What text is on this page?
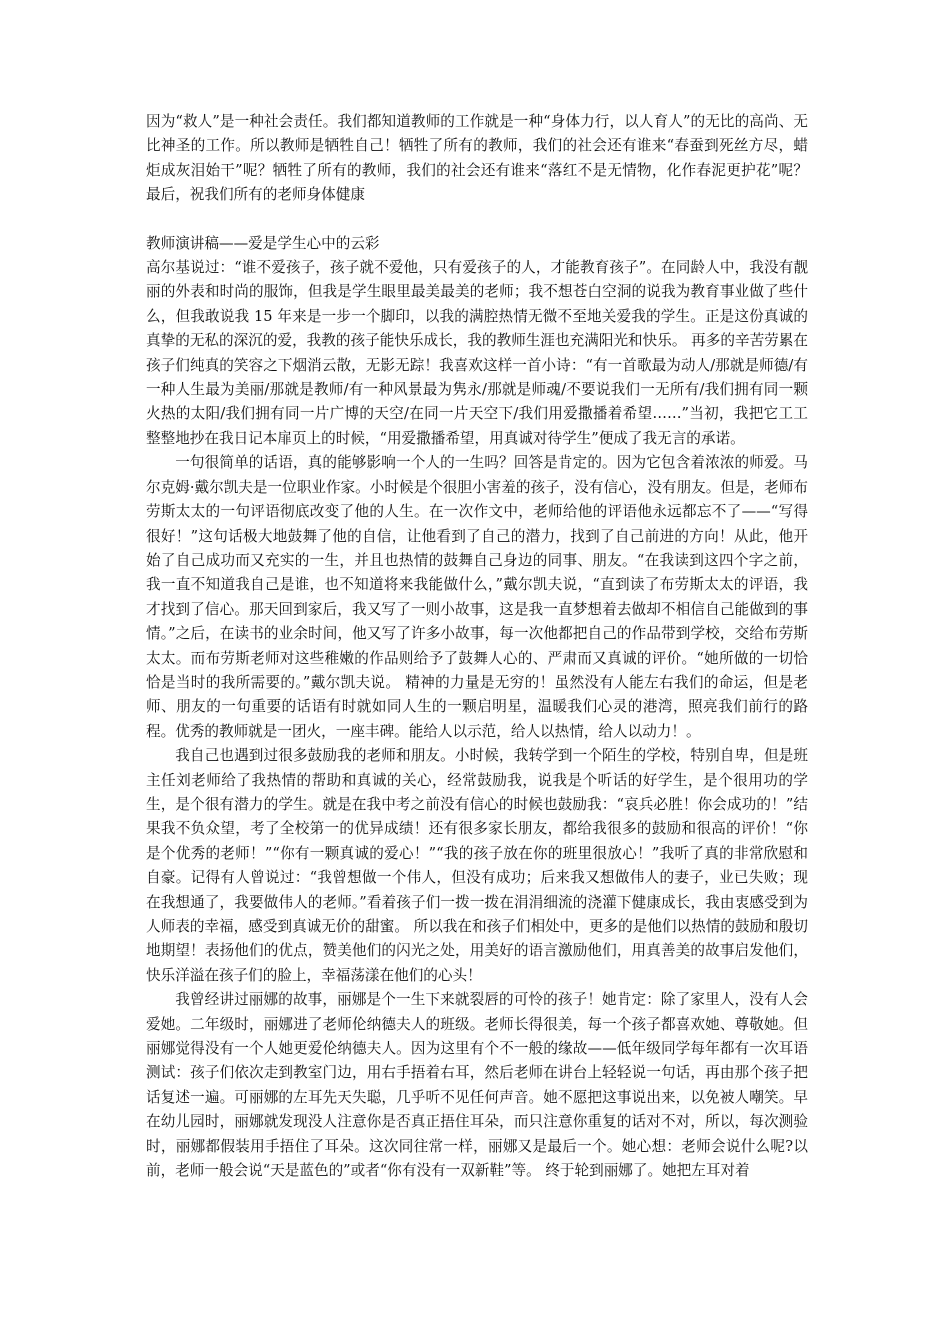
因为“救人”是一种社会责任。我们都知道教师的工作就是一种“身体力行，以人育人”的无比的高尚、无比神圣的工作。所以教师是牺牲自己！牺牲了所有的教师，我们的社会还有谁来“春蚕到死丝方尽，蜡炬成灰泪始干”呢？牺牲了所有的教师，我们的社会还有谁来“落红不是无情物，化作春泥更护花”呢？最后，祝我们所有的老师身体健康

教师演讲稿——爱是学生心中的云彩

高尔基说过：“谁不爱孩子，孩子就不爱他，只有爱孩子的人，才能教育孩子”。在同龄人中，我没有靓丽的外表和时尚的服饰，但我是学生眼里最美最美的老师；我不想苍白空洞的说我为教育事业做了些什么，但我敢说我 15 年来是一步一个脚印，以我的满腔热情无微不至地关爱我的学生。正是这份真诚的真挚的无私的深沉的爱，我教的孩子能快乐成长，我的教师生涯也充满阳光和快乐。 再多的辛苦劳累在孩子们纯真的笑容之下烟消云散，无影无踪！我喜欢这样一首小诗：“有一首歌最为动人/那就是师德/有一种人生最为美丽/那就是教师/有一种风景最为隽永/那就是师魂/不要说我们一无所有/我们拥有同一颗火热的太阳/我们拥有同一片广博的天空/在同一片天空下/我们用爱撒播着希望……”当初，我把它工工整整地抄在我日记本扉页上的时候，“用爱撒播希望，用真诚对待学生”便成了我无言的承诺。

一句很简单的话语，真的能够影响一个人的一生吗？回答是肯定的。因为它包含着浓浓的师爱。马尔克姆·戴尔凯夫是一位职业作家。小时候是个很胆小害羞的孩子，没有信心，没有朋友。但是，老师布劳斯太太的一句评语彻底改变了他的人生。在一次作文中，老师给他的评语他永远都忘不了——“写得很好！”这句话极大地鼓舞了他的自信，让他看到了自己的潜力，找到了自己前进的方向！从此，他开始了自己成功而又充实的一生，并且也热情的鼓舞自己身边的同事、朋友。“在我读到这四个字之前，我一直不知道我自己是谁，也不知道将来我能做什么，”戴尔凯夫说，“直到读了布劳斯太太的评语，我才找到了信心。那天回到家后，我又写了一则小故事，这是我一直梦想着去做却不相信自己能做到的事情。”之后，在读书的业余时间，他又写了许多小故事，每一次他都把自己的作品带到学校，交给布劳斯太太。而布劳斯老师对这些稚嫩的作品则给予了鼓舞人心的、严肃而又真诚的评价。“她所做的一切恰恰是当时的我所需要的。”戴尔凯夫说。 精神的力量是无穷的！虽然没有人能左右我们的命运，但是老师、朋友的一句重要的话语有时就如同人生的一颗启明星，温暖我们心灵的港湾，照亮我们前行的路程。优秀的教师就是一团火，一座丰碑。能给人以示范，给人以热情，给人以动力！。

我自己也遇到过很多鼓励我的老师和朋友。小时候，我转学到一个陌生的学校，特别自卑，但是班主任刘老师给了我热情的帮助和真诚的关心，经常鼓励我，说我是个听话的好学生，是个很用功的学生，是个很有潜力的学生。就是在我中考之前没有信心的时候也鼓励我：“哀兵必胜！你会成功的！”结果我不负众望，考了全校第一的优异成绩！还有很多家长朋友，都给我很多的鼓励和很高的评价！“你是个优秀的老师！”“你有一颗真诚的爱心！”“我的孩子放在你的班里很放心！”我听了真的非常欣慰和自豪。记得有人曾说过：“我曾想做一个伟人，但没有成功；后来我又想做伟人的妻子，业已失败；现在我想通了，我要做伟人的老师。”看着孩子们一拨一拨在涓涓细流的浇灌下健康成长，我由衷感受到为人师表的幸福，感受到真诚无价的甜蜜。 所以我在和孩子们相处中，更多的是他们以热情的鼓励和殷切地期望！表扬他们的优点，赞美他们的闪光之处，用美好的语言激励他们，用真善美的故事启发他们，快乐洋溢在孩子们的脸上，幸福荡漾在他们的心头！

我曾经讲过丽娜的故事，丽娜是个一生下来就裂唇的可怜的孩子！她肯定：除了家里人，没有人会爱她。二年级时，丽娜进了老师伦纳德夫人的班级。老师长得很美，每一个孩子都喜欢她、尊敬她。但丽娜觉得没有一个人她更爱伦纳德夫人。因为这里有个不一般的缘故——低年级同学每年都有一次耳语测试：孩子们依次走到教室门边，用右手捂着右耳，然后老师在讲台上轻轻说一句话，再由那个孩子把话复述一遍。可丽娜的左耳先天失聪，几乎听不见任何声音。她不愿把这事说出来，以免被人嘲笑。早在幼儿园时，丽娜就发现没人注意你是否真正捂住耳朵，而只注意你重复的话对不对，所以，每次测验时，丽娜都假装用手捂住了耳朵。这次同往常一样，丽娜又是最后一个。她心想：老师会说什么呢?以前，老师一般会说“天是蓝色的”或者“你有没有一双新鞋”等。 终于轮到丽娜了。她把左耳对着
